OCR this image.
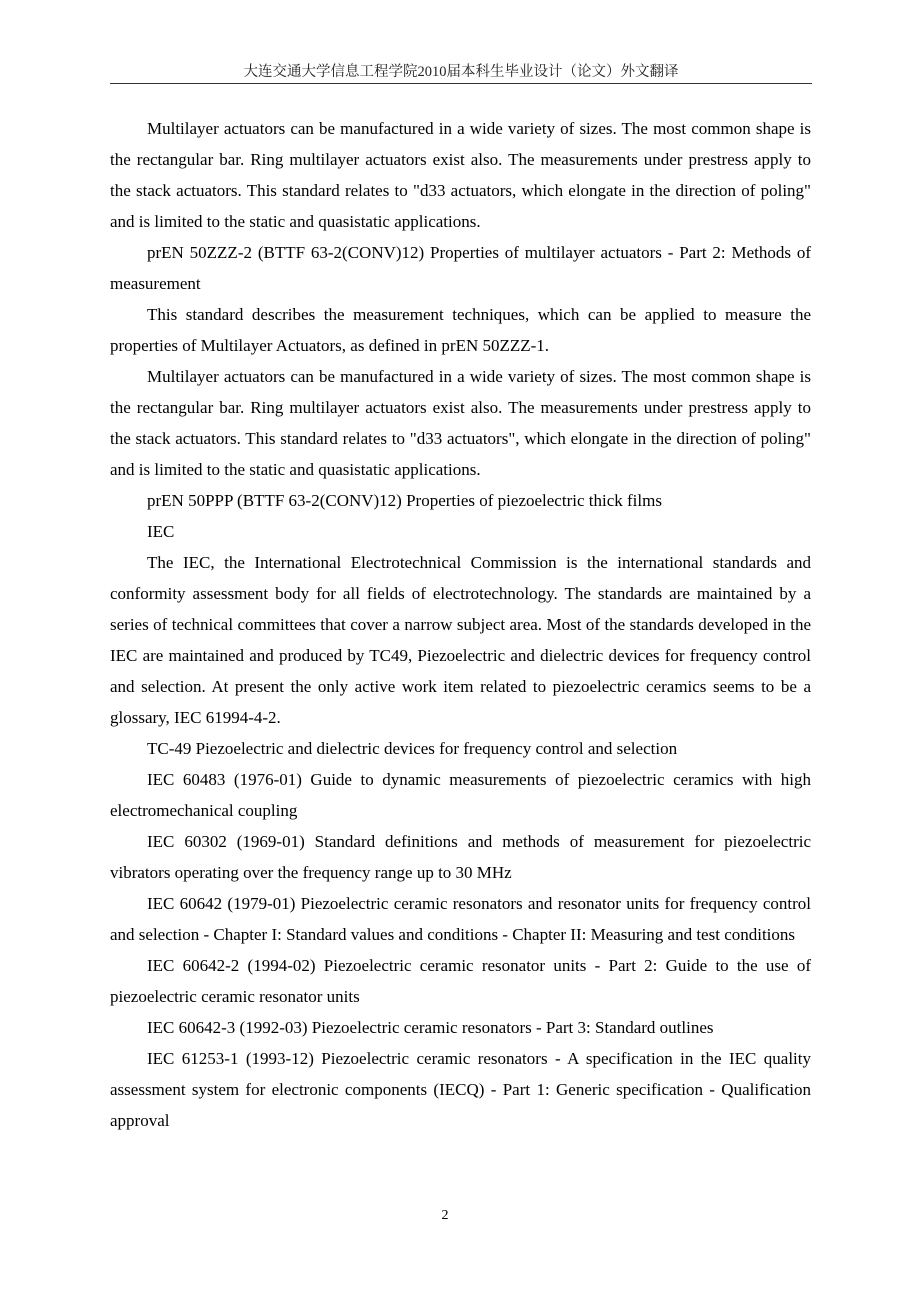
大连交通大学信息工程学院2010届本科生毕业设计（论文）外文翻译

Multilayer actuators can be manufactured in a wide variety of sizes. The most common shape is the rectangular bar. Ring multilayer actuators exist also. The measurements under prestress apply to the stack actuators. This standard relates to "d33 actuators, which elongate in the direction of poling" and is limited to the static and quasistatic applications.

prEN 50ZZZ-2 (BTTF 63-2(CONV)12) Properties of multilayer actuators - Part 2: Methods of measurement

This standard describes the measurement techniques, which can be applied to measure the properties of Multilayer Actuators, as defined in prEN 50ZZZ-1.

Multilayer actuators can be manufactured in a wide variety of sizes. The most common shape is the rectangular bar. Ring multilayer actuators exist also. The measurements under prestress apply to the stack actuators. This standard relates to "d33 actuators", which elongate in the direction of poling" and is limited to the static and quasistatic applications.

prEN 50PPP (BTTF 63-2(CONV)12) Properties of piezoelectric thick films

IEC

The IEC, the International Electrotechnical Commission is the international standards and conformity assessment body for all fields of electrotechnology. The standards are maintained by a series of technical committees that cover a narrow subject area. Most of the standards developed in the IEC are maintained and produced by TC49, Piezoelectric and dielectric devices for frequency control and selection. At present the only active work item related to piezoelectric ceramics seems to be a glossary, IEC 61994-4-2.

TC-49 Piezoelectric and dielectric devices for frequency control and selection

IEC 60483 (1976-01) Guide to dynamic measurements of piezoelectric ceramics with high electromechanical coupling

IEC 60302 (1969-01) Standard definitions and methods of measurement for piezoelectric vibrators operating over the frequency range up to 30 MHz

IEC 60642 (1979-01) Piezoelectric ceramic resonators and resonator units for frequency control and selection - Chapter I: Standard values and conditions - Chapter II: Measuring and test conditions

IEC 60642-2 (1994-02) Piezoelectric ceramic resonator units - Part 2: Guide to the use of piezoelectric ceramic resonator units

IEC 60642-3 (1992-03) Piezoelectric ceramic resonators - Part 3: Standard outlines

IEC 61253-1 (1993-12) Piezoelectric ceramic resonators - A specification in the IEC quality assessment system for electronic components (IECQ) - Part 1: Generic specification - Qualification approval

2
